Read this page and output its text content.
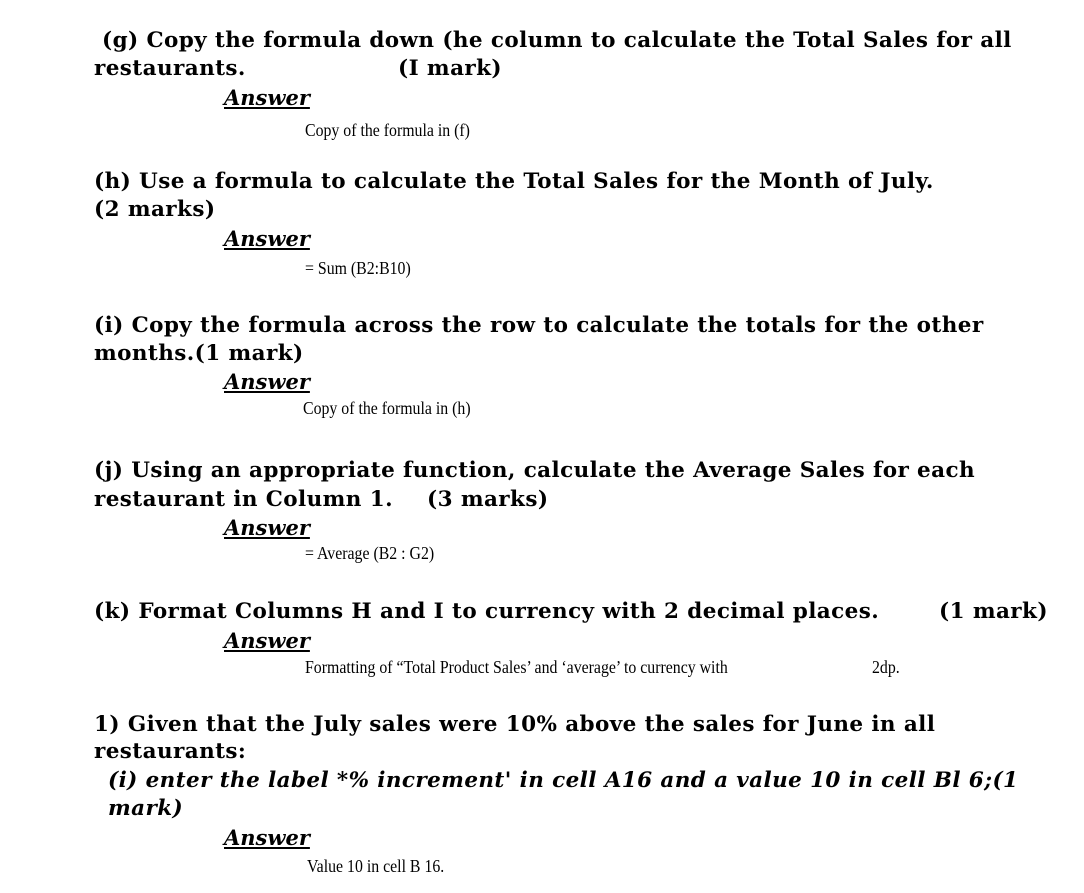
(g) Copy the formula down (he column to calculate the Total Sales for all
restaurants.	(I mark)
Answer
Copy of the formula in (f)
(h) Use a formula to calculate the Total Sales for the Month of July.
(2 marks)
Answer
= Sum (B2:B10)
(i) Copy the formula across the row to calculate the totals for the other
months.(1 mark)
Answer
Copy of the formula in (h)
(j) Using an appropriate function, calculate the Average Sales for each
restaurant in Column 1. (3 marks)
Answer
= Average (B2 : G2)
(k) Format Columns H and I to currency with 2 decimal places.	(1 mark)
Answer
Formatting of “Total Product Sales’ and ‘average’ to currency with	2dp.
1) Given that the July sales were 10% above the sales for June in all
restaurants:
(i) enter the label *% increment' in cell A16 and a value 10 in cell Bl 6;(1
mark)
Answer
Value 10 in cell B 16.
